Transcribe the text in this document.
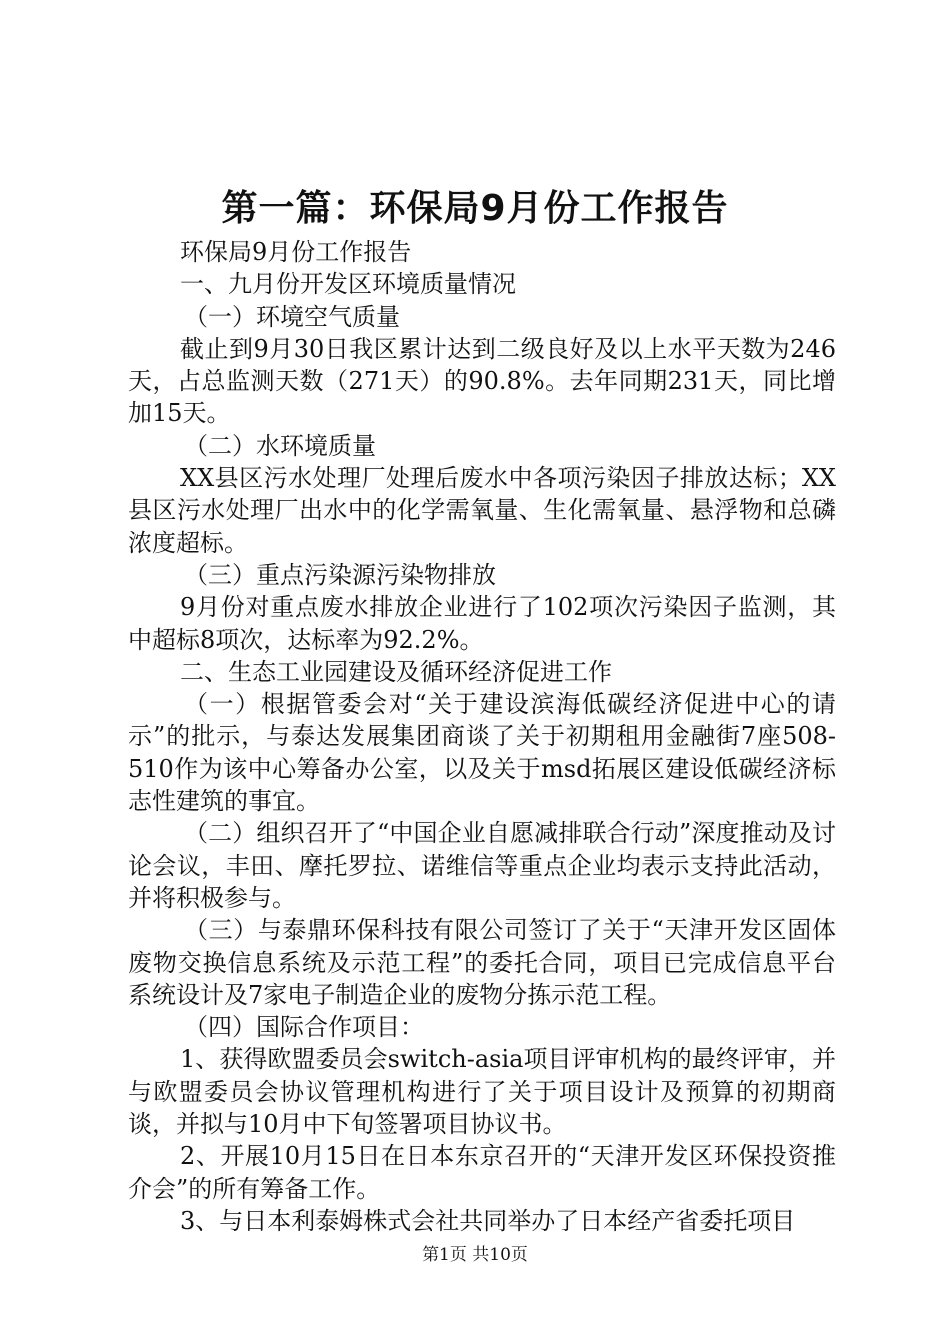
第一篇：环保局9月份工作报告

环保局9月份工作报告

一、九月份开发区环境质量情况

（一）环境空气质量

截止到9月30日我区累计达到二级良好及以上水平天数为246天，占总监测天数（271天）的90.8%。去年同期231天，同比增加15天。

（二）水环境质量

XX县区污水处理厂处理后废水中各项污染因子排放达标；XX县区污水处理厂出水中的化学需氧量、生化需氧量、悬浮物和总磷浓度超标。

（三）重点污染源污染物排放

9月份对重点废水排放企业进行了102项次污染因子监测，其中超标8项次，达标率为92.2%。

二、生态工业园建设及循环经济促进工作

（一）根据管委会对“关于建设滨海低碳经济促进中心的请示”的批示，与泰达发展集团商谈了关于初期租用金融街7座508-510作为该中心筹备办公室，以及关于msd拓展区建设低碳经济标志性建筑的事宜。

（二）组织召开了“中国企业自愿减排联合行动”深度推动及讨论会议，丰田、摩托罗拉、诺维信等重点企业均表示支持此活动，并将积极参与。

（三）与泰鼎环保科技有限公司签订了关于“天津开发区固体废物交换信息系统及示范工程”的委托合同，项目已完成信息平台系统设计及7家电子制造企业的废物分拣示范工程。

（四）国际合作项目：

1、获得欧盟委员会switch-asia项目评审机构的最终评审，并与欧盟委员会协议管理机构进行了关于项目设计及预算的初期商谈，并拟与10月中下旬签署项目协议书。

2、开展10月15日在日本东京召开的“天津开发区环保投资推介会”的所有筹备工作。

3、与日本利泰姆株式会社共同举办了日本经产省委托项目

第1页 共10页
